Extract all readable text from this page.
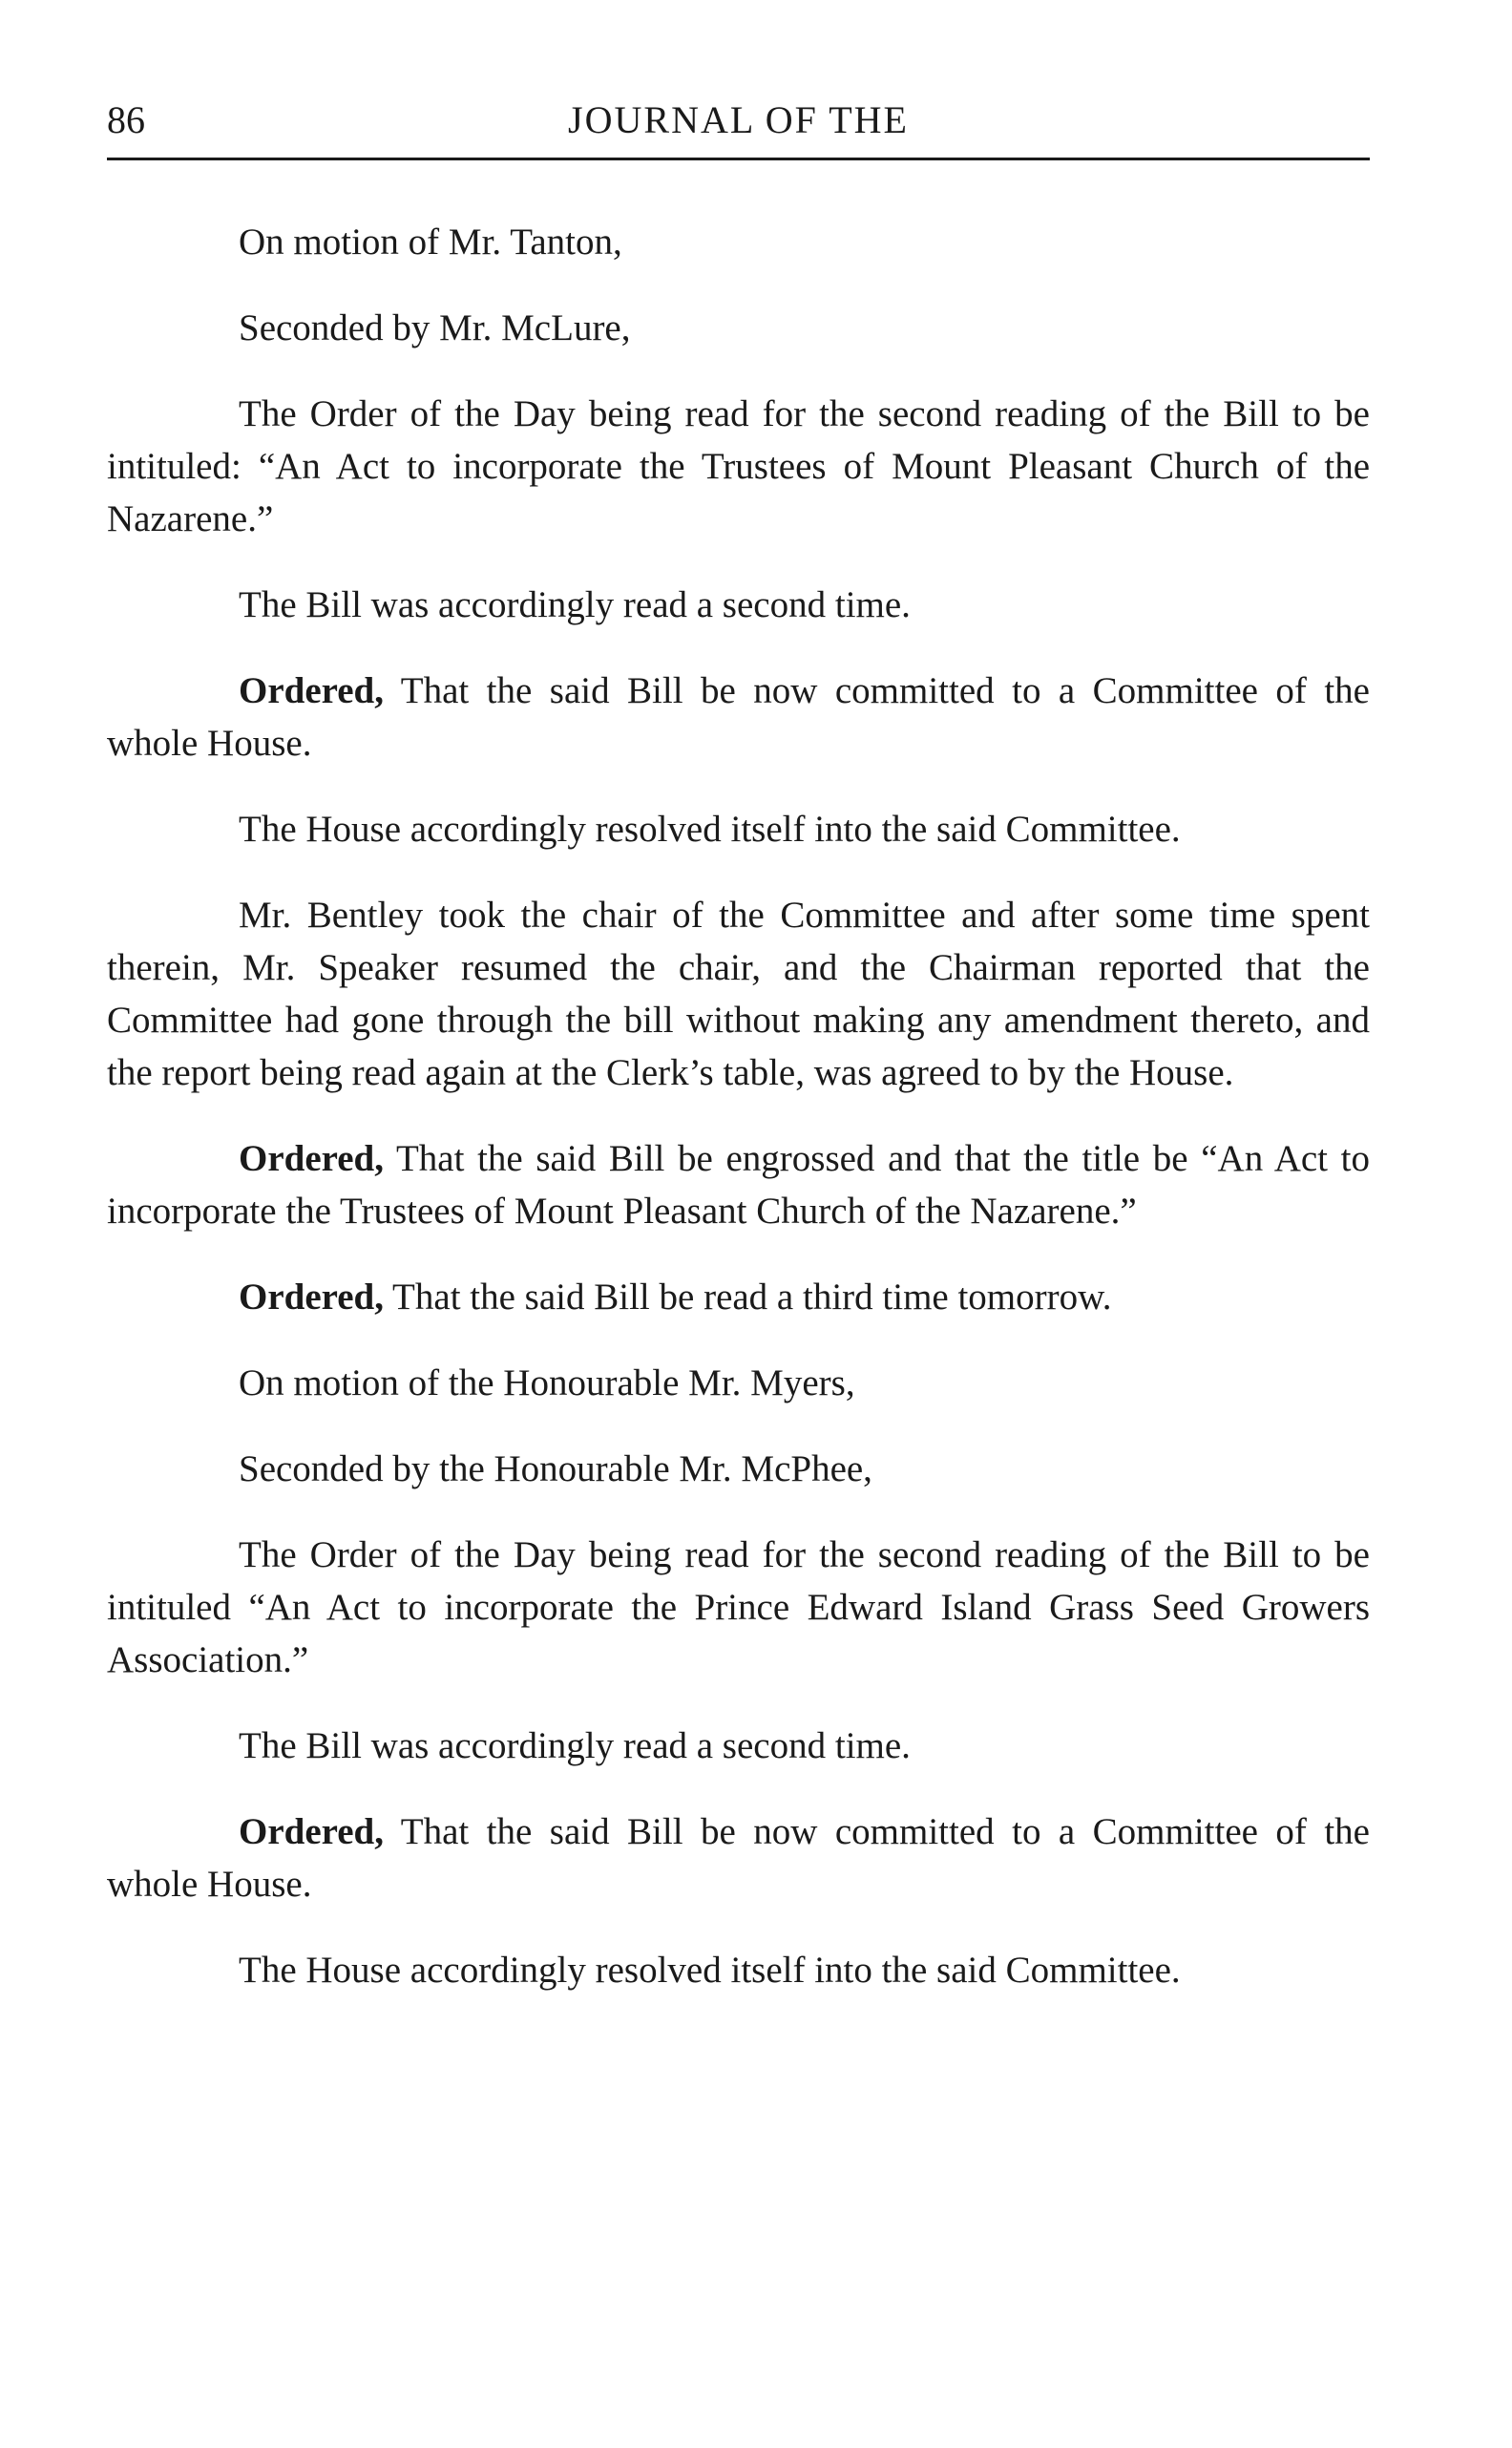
86	JOURNAL OF THE

On motion of Mr. Tanton,

Seconded by Mr. McLure,

The Order of the Day being read for the second reading of the Bill to be intituled: “An Act to incorporate the Trustees of Mount Pleasant Church of the Nazarene.”

The Bill was accordingly read a second time.

Ordered, That the said Bill be now committed to a Committee of the whole House.

The House accordingly resolved itself into the said Committee.

Mr. Bentley took the chair of the Committee and after some time spent therein, Mr. Speaker resumed the chair, and the Chairman reported that the Committee had gone through the bill without making any amendment thereto, and the report being read again at the Clerk’s table, was agreed to by the House.

Ordered, That the said Bill be engrossed and that the title be “An Act to incorporate the Trustees of Mount Pleasant Church of the Nazarene.”

Ordered, That the said Bill be read a third time tomorrow.

On motion of the Honourable Mr. Myers,

Seconded by the Honourable Mr. McPhee,

The Order of the Day being read for the second reading of the Bill to be intituled “An Act to incorporate the Prince Edward Island Grass Seed Growers Association.”

The Bill was accordingly read a second time.

Ordered, That the said Bill be now committed to a Committee of the whole House.

The House accordingly resolved itself into the said Committee.
